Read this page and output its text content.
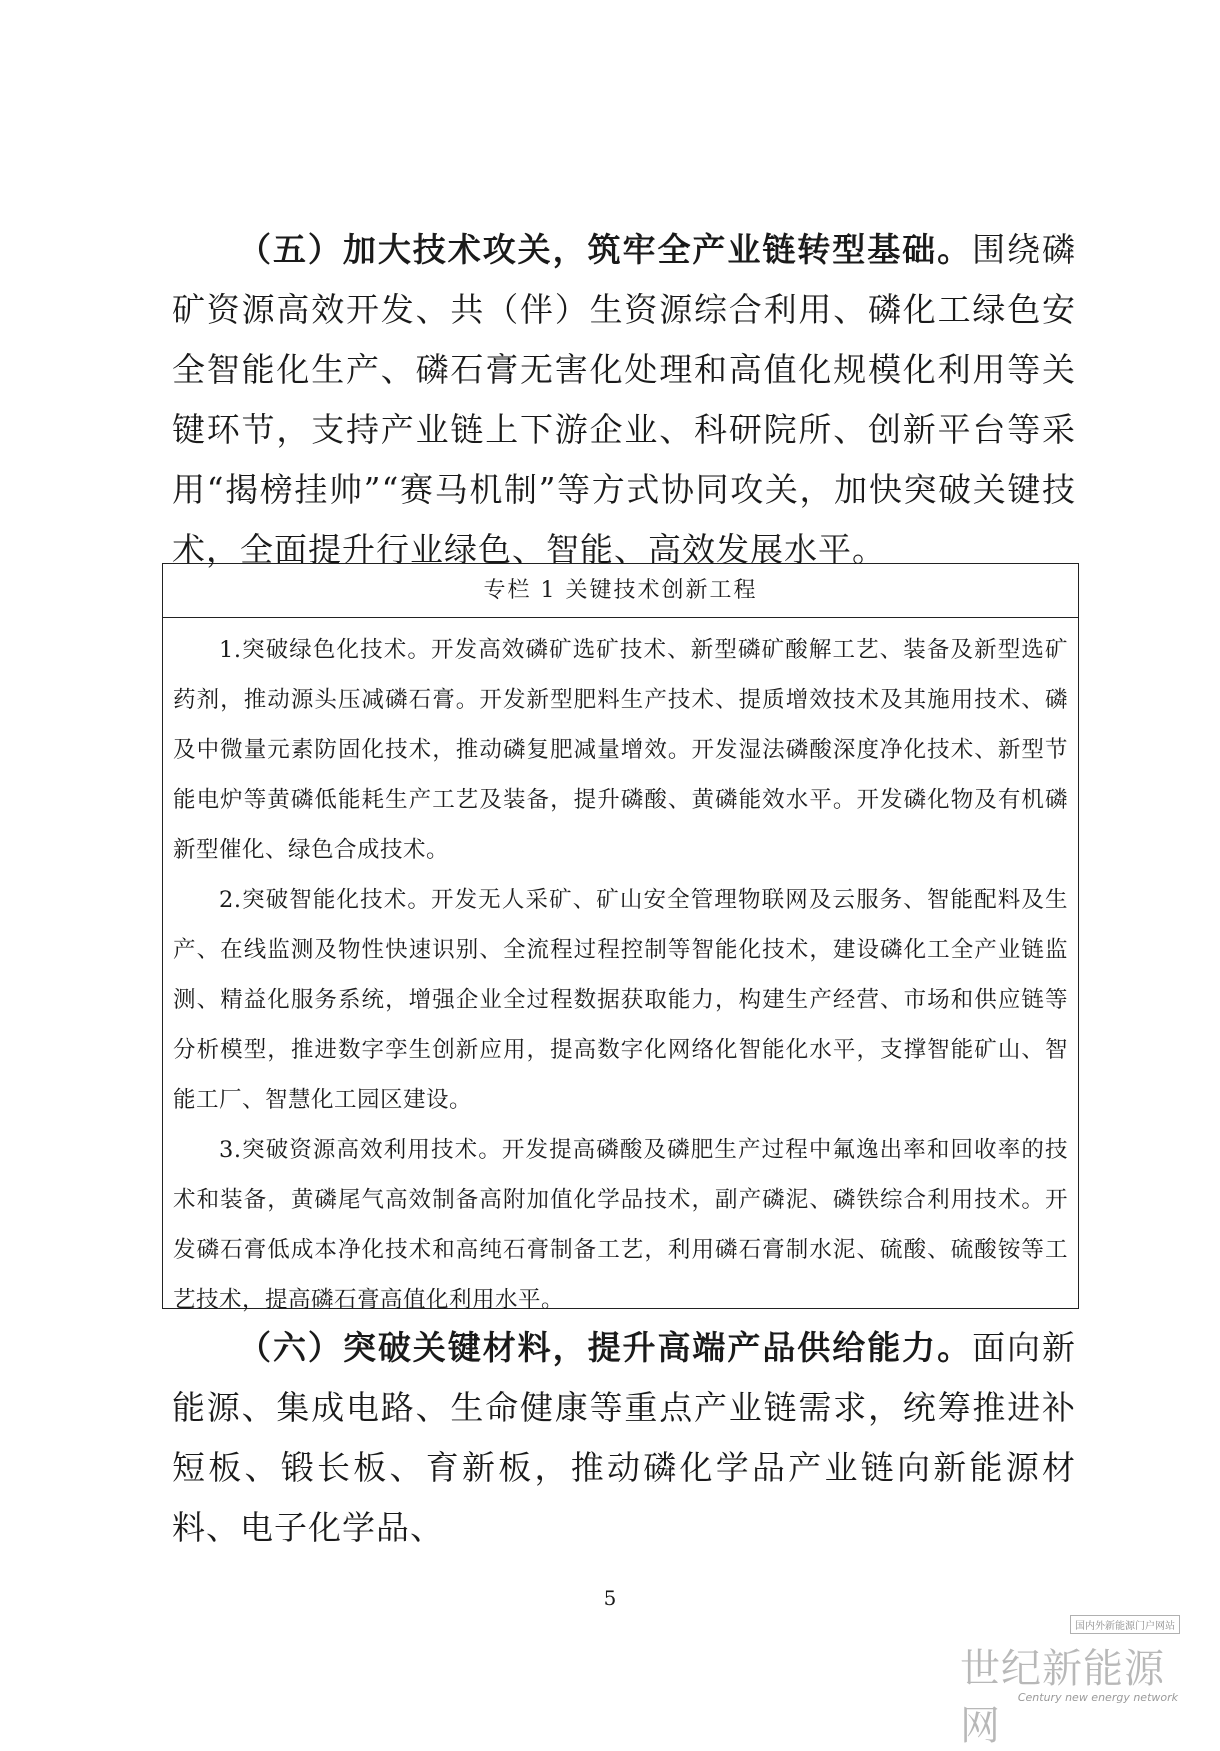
（五）加大技术攻关，筑牢全产业链转型基础。围绕磷矿资源高效开发、共（伴）生资源综合利用、磷化工绿色安全智能化生产、磷石膏无害化处理和高值化规模化利用等关键环节，支持产业链上下游企业、科研院所、创新平台等采用“揭榜挂帅”“赛马机制”等方式协同攻关，加快突破关键技术，全面提升行业绿色、智能、高效发展水平。

专栏 1 关键技术创新工程

1.突破绿色化技术。开发高效磷矿选矿技术、新型磷矿酸解工艺、装备及新型选矿药剂，推动源头压减磷石膏。开发新型肥料生产技术、提质增效技术及其施用技术、磷及中微量元素防固化技术，推动磷复肥减量增效。开发湿法磷酸深度净化技术、新型节能电炉等黄磷低能耗生产工艺及装备，提升磷酸、黄磷能效水平。开发磷化物及有机磷新型催化、绿色合成技术。

2.突破智能化技术。开发无人采矿、矿山安全管理物联网及云服务、智能配料及生产、在线监测及物性快速识别、全流程过程控制等智能化技术，建设磷化工全产业链监测、精益化服务系统，增强企业全过程数据获取能力，构建生产经营、市场和供应链等分析模型，推进数字孪生创新应用，提高数字化网络化智能化水平，支撑智能矿山、智能工厂、智慧化工园区建设。

3.突破资源高效利用技术。开发提高磷酸及磷肥生产过程中氟逸出率和回收率的技术和装备，黄磷尾气高效制备高附加值化学品技术，副产磷泥、磷铁综合利用技术。开发磷石膏低成本净化技术和高纯石膏制备工艺，利用磷石膏制水泥、硫酸、硫酸铵等工艺技术，提高磷石膏高值化利用水平。

（六）突破关键材料，提升高端产品供给能力。面向新能源、集成电路、生命健康等重点产业链需求，统筹推进补短板、锻长板、育新板，推动磷化学品产业链向新能源材料、电子化学品、

5
国内外新能源门户网站
世纪新能源网
Century new energy network
